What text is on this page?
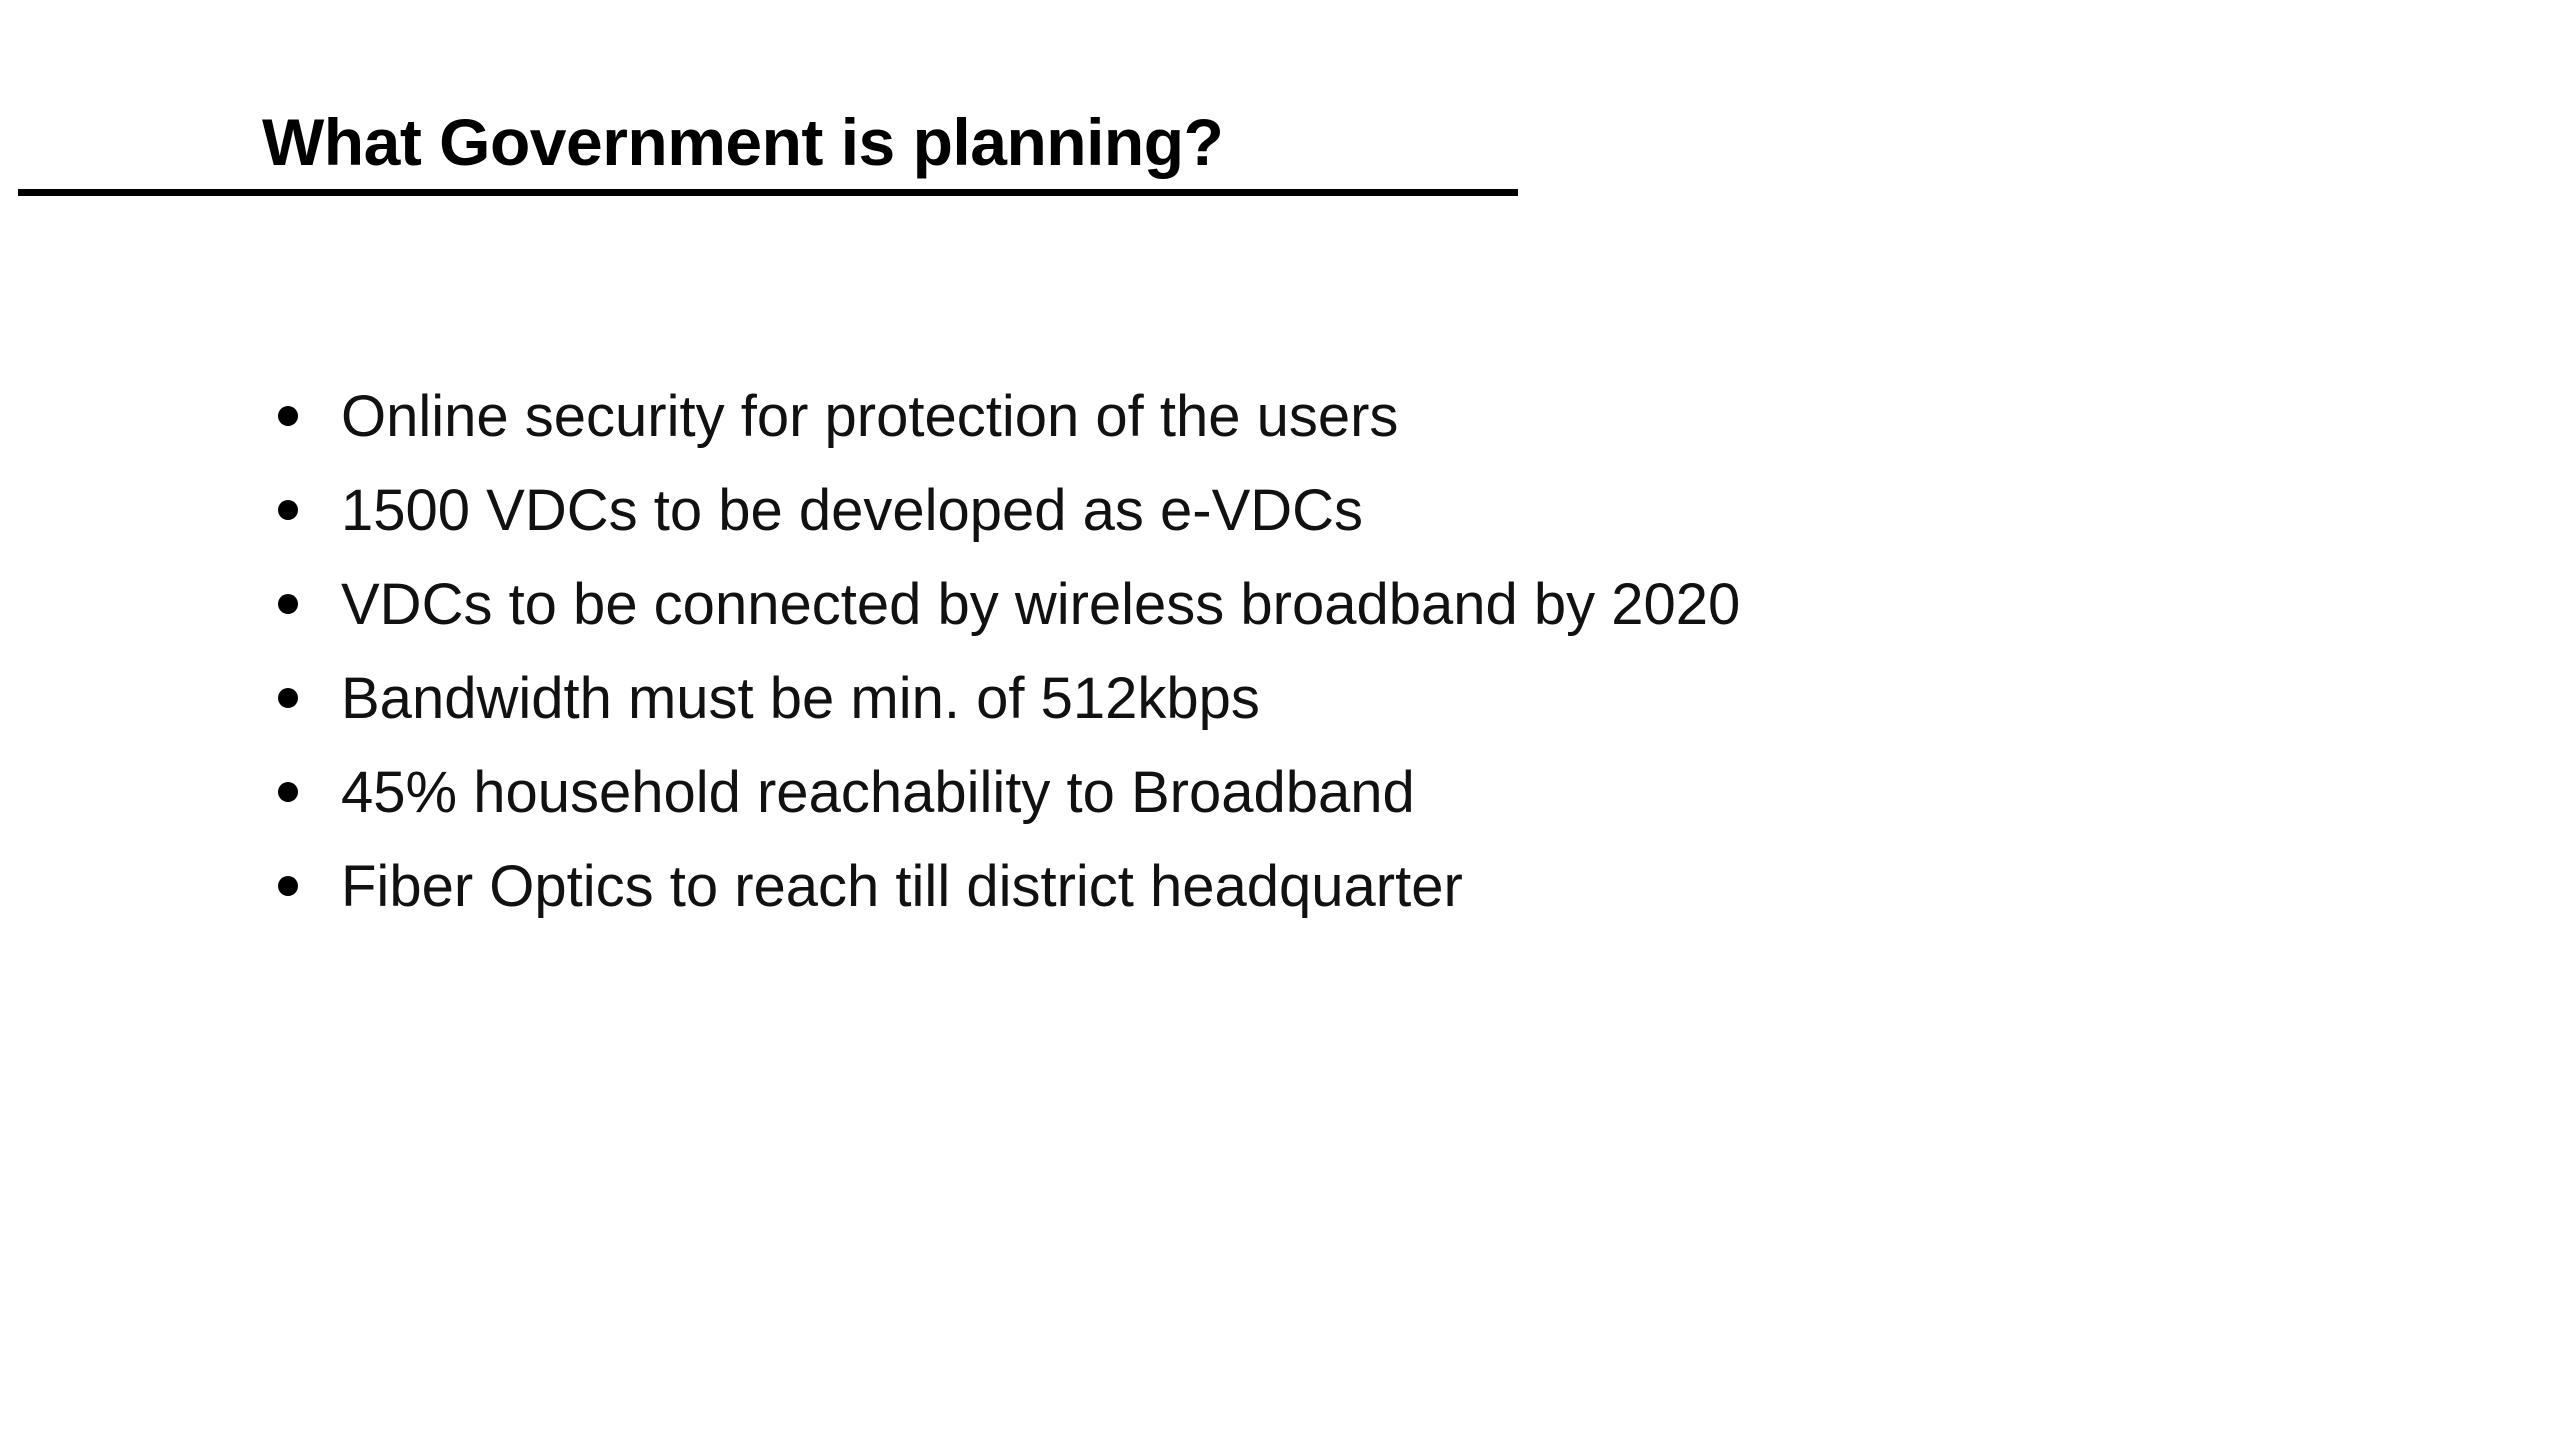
What Government is planning?
Online security for protection of the users
1500 VDCs to be developed as e-VDCs
VDCs to be connected by wireless broadband by 2020
Bandwidth must be min. of 512kbps
45% household reachability to Broadband
Fiber Optics to reach till district headquarter
